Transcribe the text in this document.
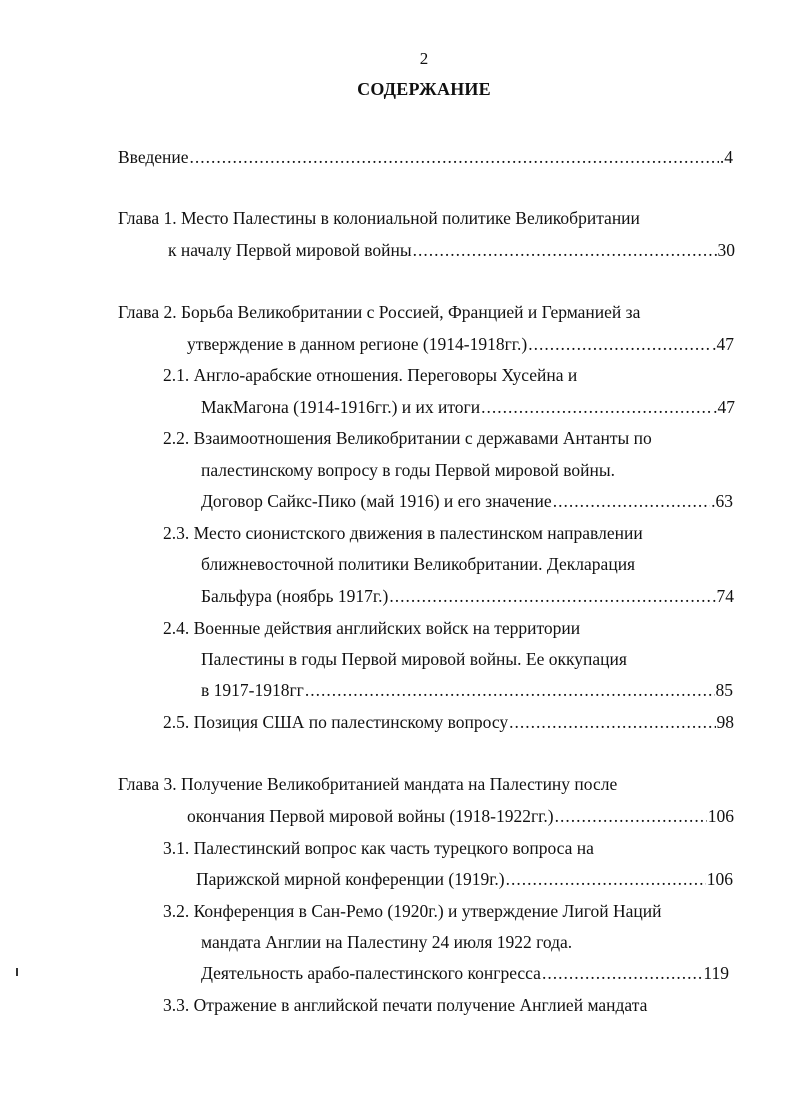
2
СОДЕРЖАНИЕ
Введение .....	.4
Глава 1. Место Палестины в колониальной политике Великобритании
к началу Первой мировой войны .....	30
Глава 2. Борьба Великобритании с Россией, Францией и Германией за
утверждение в данном регионе (1914-1918гг.) .....	.47
2.1. Англо-арабские отношения. Переговоры Хусейна и
МакМагона (1914-1916гг.) и их итоги .....	.47
2.2. Взаимоотношения Великобритании с державами Антанты по
палестинскому вопросу в годы Первой мировой войны.
Договор Сайкс-Пико (май 1916) и его значение .....	.63
2.3. Место сионистского движения в палестинском направлении
ближневосточной политики Великобритании. Декларация
Бальфура (ноябрь 1917г.) .....	.74
2.4. Военные действия английских войск на территории
Палестины в годы Первой мировой войны. Ее оккупация
в 1917-1918гг .....	85
2.5. Позиция США по палестинскому вопросу .....	98
Глава 3. Получение Великобританией мандата на Палестину после
окончания Первой мировой войны (1918-1922гг.) .....	106
3.1. Палестинский вопрос как часть турецкого вопроса на
Парижской мирной конференции (1919г.) .....	106
3.2. Конференция в Сан-Ремо (1920г.) и утверждение Лигой Наций
мандата Англии на Палестину 24 июля 1922 года.
Деятельность арабо-палестинского конгресса .....	119
3.3. Отражение в английской печати получение Англией мандата
